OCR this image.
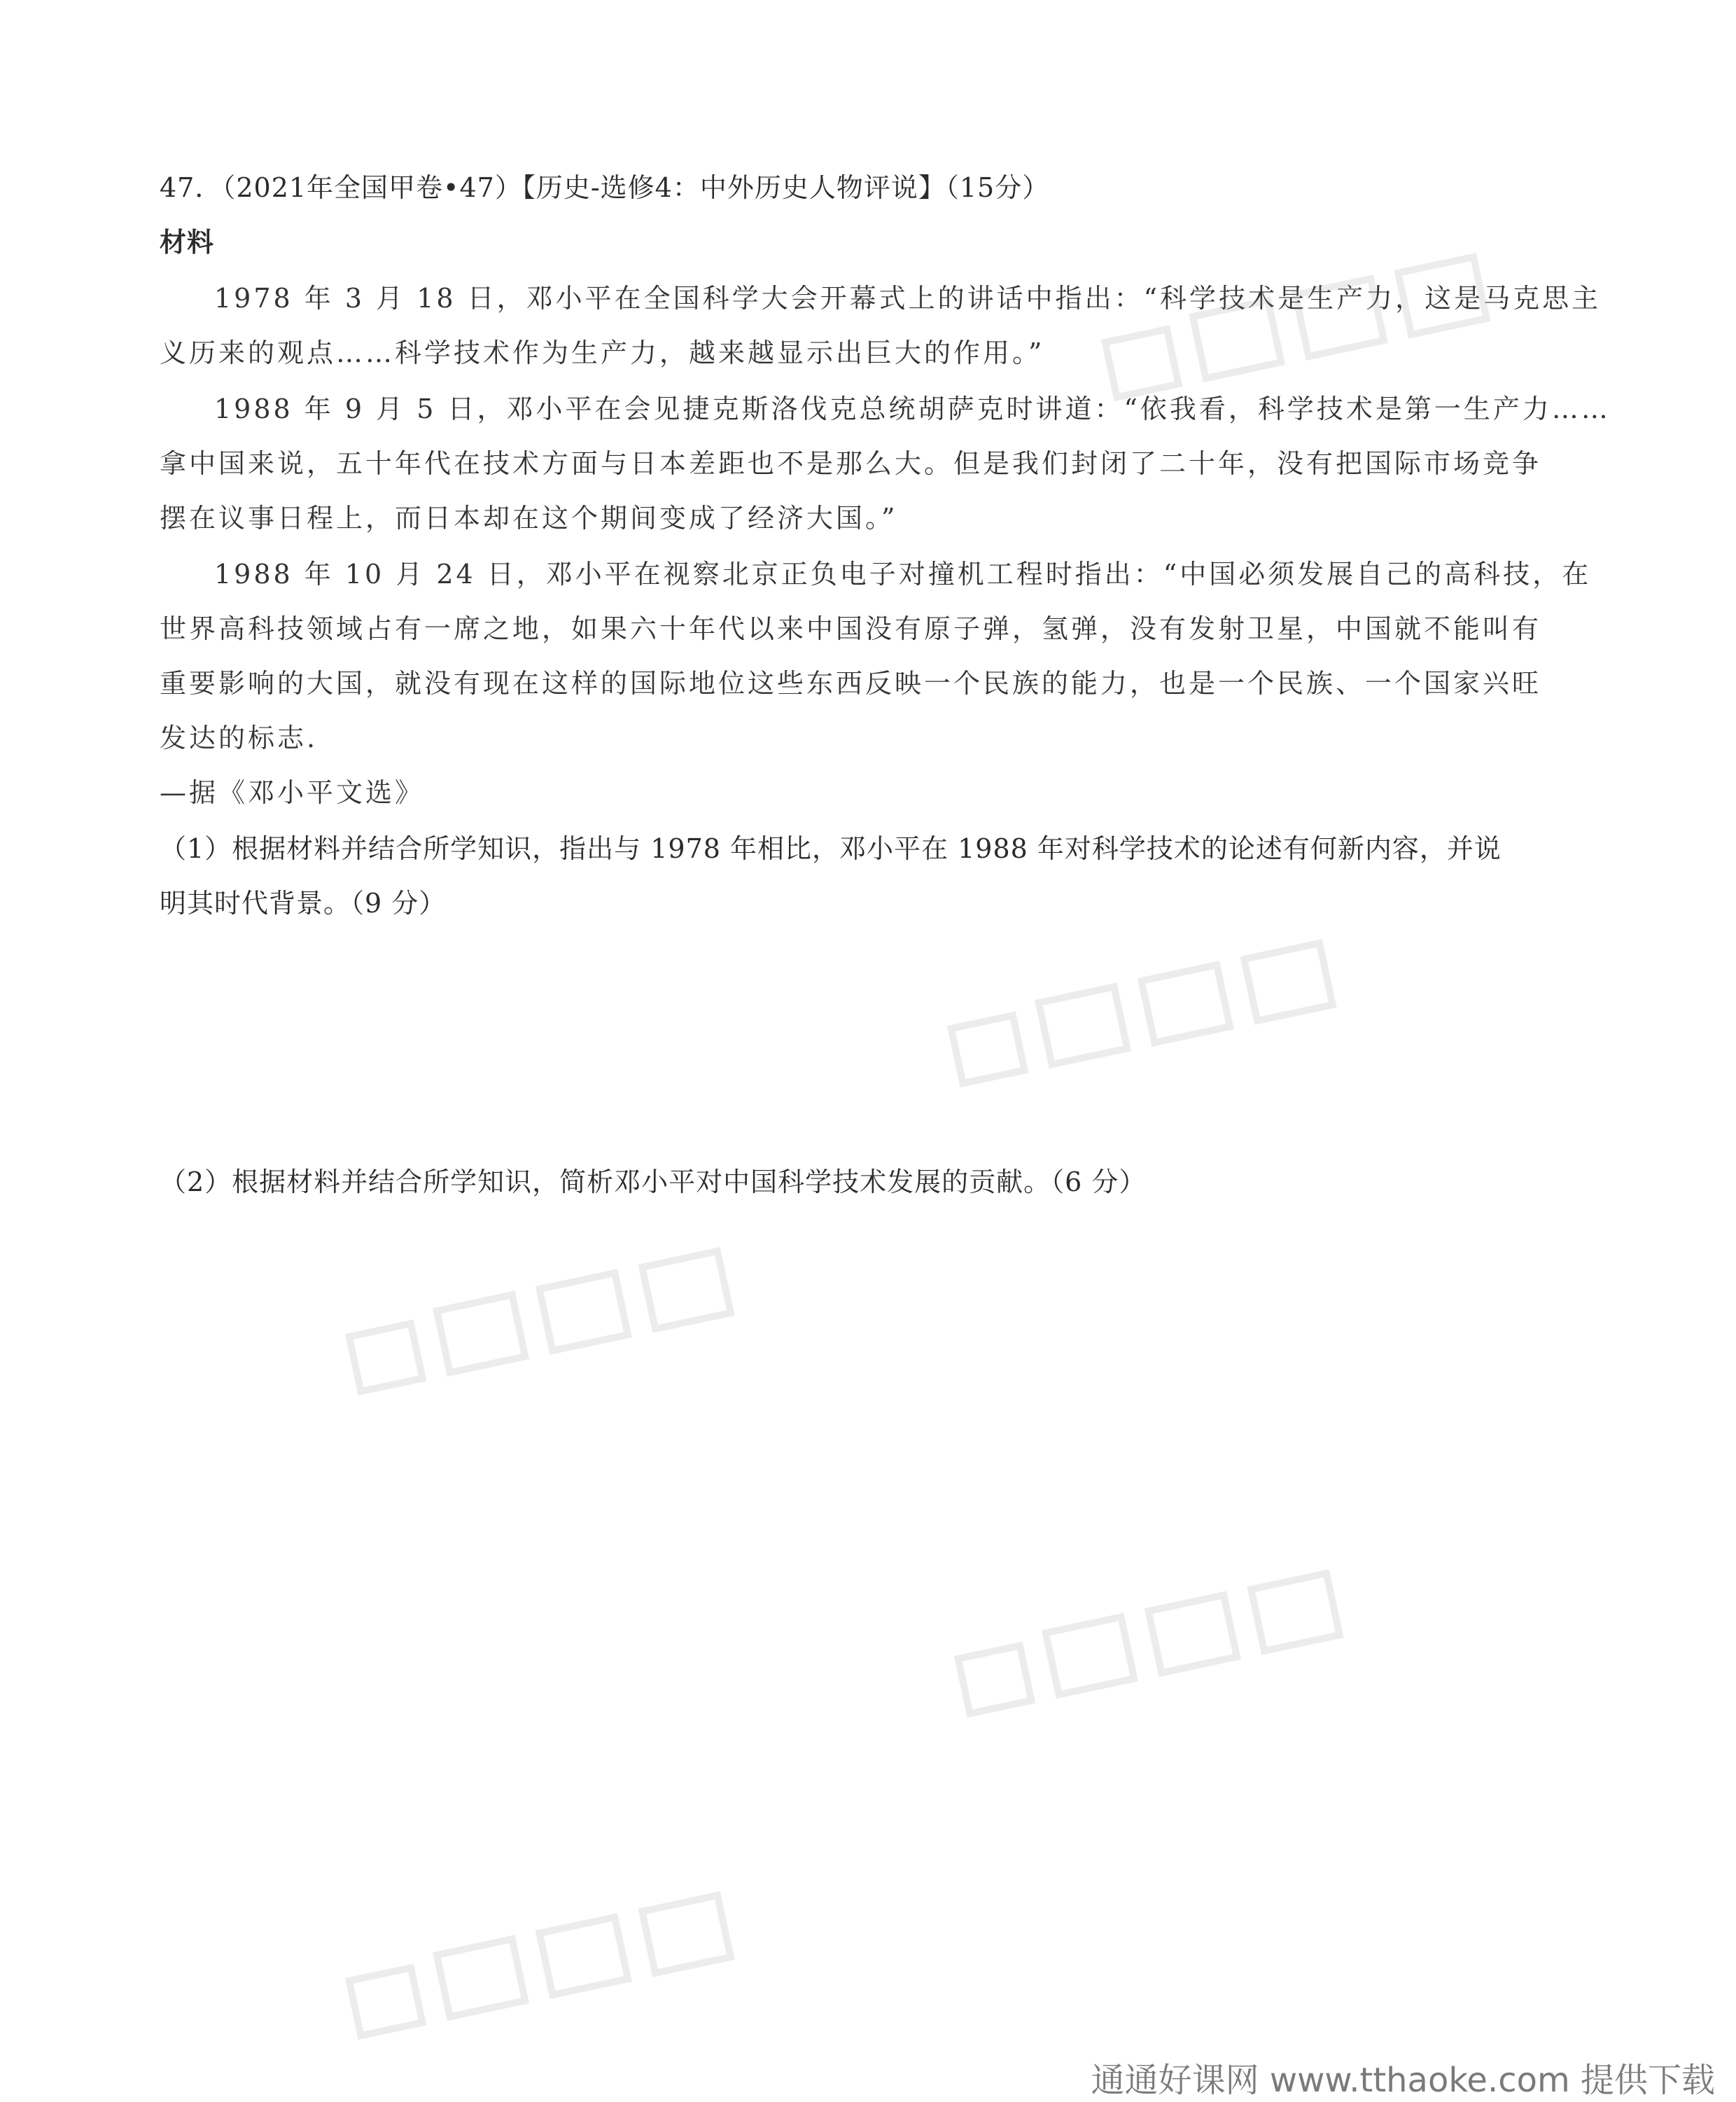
47．（2021年全国甲卷•47）【历史-选修4：中外历史人物评说】（15分）
材料
1978 年 3 月 18 日，邓小平在全国科学大会开幕式上的讲话中指出：“科学技术是生产力，这是马克思主
义历来的观点……科学技术作为生产力，越来越显示出巨大的作用。”
1988 年 9 月 5 日，邓小平在会见捷克斯洛伐克总统胡萨克时讲道：“依我看，科学技术是第一生产力……
拿中国来说，五十年代在技术方面与日本差距也不是那么大。但是我们封闭了二十年，没有把国际市场竞争
摆在议事日程上，而日本却在这个期间变成了经济大国。”
1988 年 10 月 24 日，邓小平在视察北京正负电子对撞机工程时指出：“中国必须发展自己的高科技，在
世界高科技领域占有一席之地，如果六十年代以来中国没有原子弹，氢弹，没有发射卫星，中国就不能叫有
重要影响的大国，就没有现在这样的国际地位这些东西反映一个民族的能力，也是一个民族、一个国家兴旺
发达的标志.
—据《邓小平文选》
（1）根据材料并结合所学知识，指出与 1978 年相比，邓小平在 1988 年对科学技术的论述有何新内容，并说
明其时代背景。（9 分）
（2）根据材料并结合所学知识，简析邓小平对中国科学技术发展的贡献。（6 分）
通通好课网 www.tthaoke.com 提供下载
